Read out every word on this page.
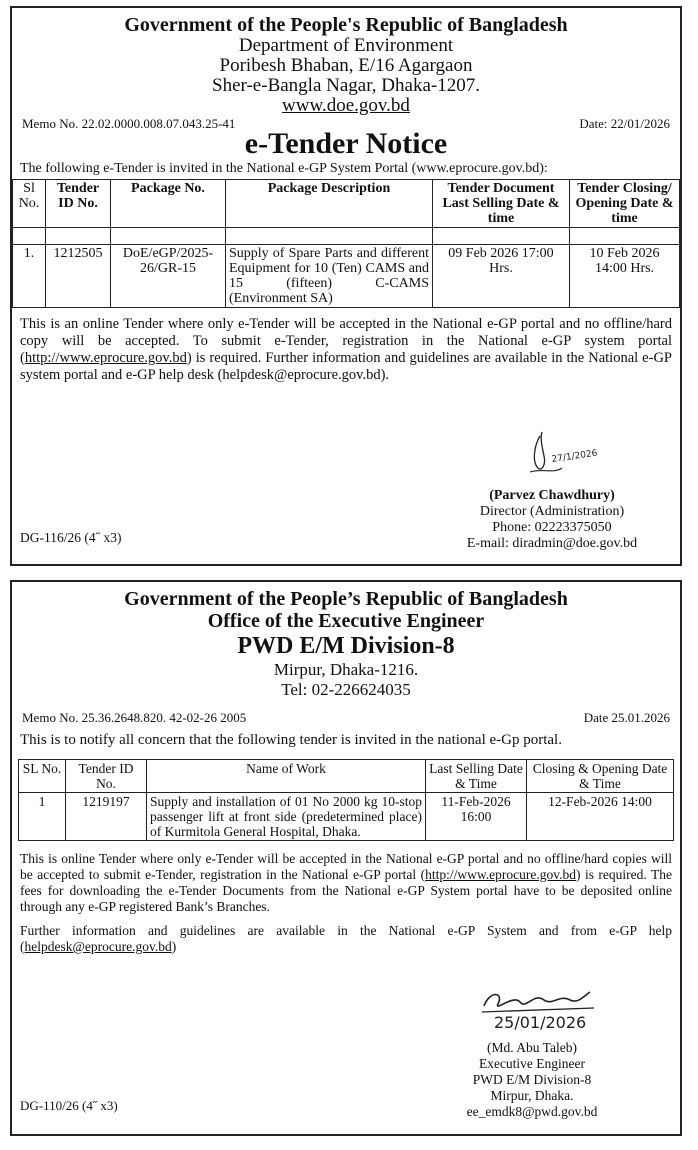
Government of the People's Republic of Bangladesh
Department of Environment
Poribesh Bhaban, E/16 Agargaon
Sher-e-Bangla Nagar, Dhaka-1207.
www.doe.gov.bd
Memo No. 22.02.0000.008.07.043.25-41	Date: 22/01/2026
e-Tender Notice
The following e-Tender is invited in the National e-GP System Portal (www.eprocure.gov.bd):
Sl No.	Tender ID No.	Package No.	Package Description	Tender Document Last Selling Date & time	Tender Closing/ Opening Date & time

1.	1212505	DoE/eGP/2025-26/GR-15	Supply of Spare Parts and different Equipment for 10 (Ten) CAMS and 15 (fifteen) C-CAMS (Environment SA)	09 Feb 2026 17:00 Hrs.	10 Feb 2026 14:00 Hrs.
This is an online Tender where only e-Tender will be accepted in the National e-GP portal and no offline/hard copy will be accepted. To submit e-Tender, registration in the National e-GP system portal (http://www.eprocure.gov.bd) is required. Further information and guidelines are available in the National e-GP system portal and e-GP help desk (helpdesk@eprocure.gov.bd).
27/1/2026
(Parvez Chawdhury)
Director (Administration)
Phone: 02223375050
E-mail: diradmin@doe.gov.bd
DG-116/26 (4˝ x3)
Government of the People’s Republic of Bangladesh
Office of the Executive Engineer
PWD E/M Division-8
Mirpur, Dhaka-1216.
Tel: 02-226624035
Memo No. 25.36.2648.820. 42-02-26 2005	Date 25.01.2026
This is to notify all concern that the following tender is invited in the national e-Gp portal.
SL No.	Tender ID No.	Name of Work	Last Selling Date & Time	Closing & Opening Date & Time
1	1219197	Supply and installation of 01 No 2000 kg 10-stop passenger lift at front side (predetermined place) of Kurmitola General Hospital, Dhaka.	11-Feb-2026 16:00	12-Feb-2026 14:00
This is online Tender where only e-Tender will be accepted in the National e-GP portal and no offline/hard copies will be accepted to submit e-Tender, registration in the National e-GP portal (http://www.eprocure.gov.bd) is required. The fees for downloading the e-Tender Documents from the National e-GP System portal have to be deposited online through any e-GP registered Bank’s Branches.
Further information and guidelines are available in the National e-GP System and from e-GP help (helpdesk@eprocure.gov.bd)
25/01/2026
(Md. Abu Taleb)
Executive Engineer
PWD E/M Division-8
Mirpur, Dhaka.
ee_emdk8@pwd.gov.bd
DG-110/26 (4˝ x3)
